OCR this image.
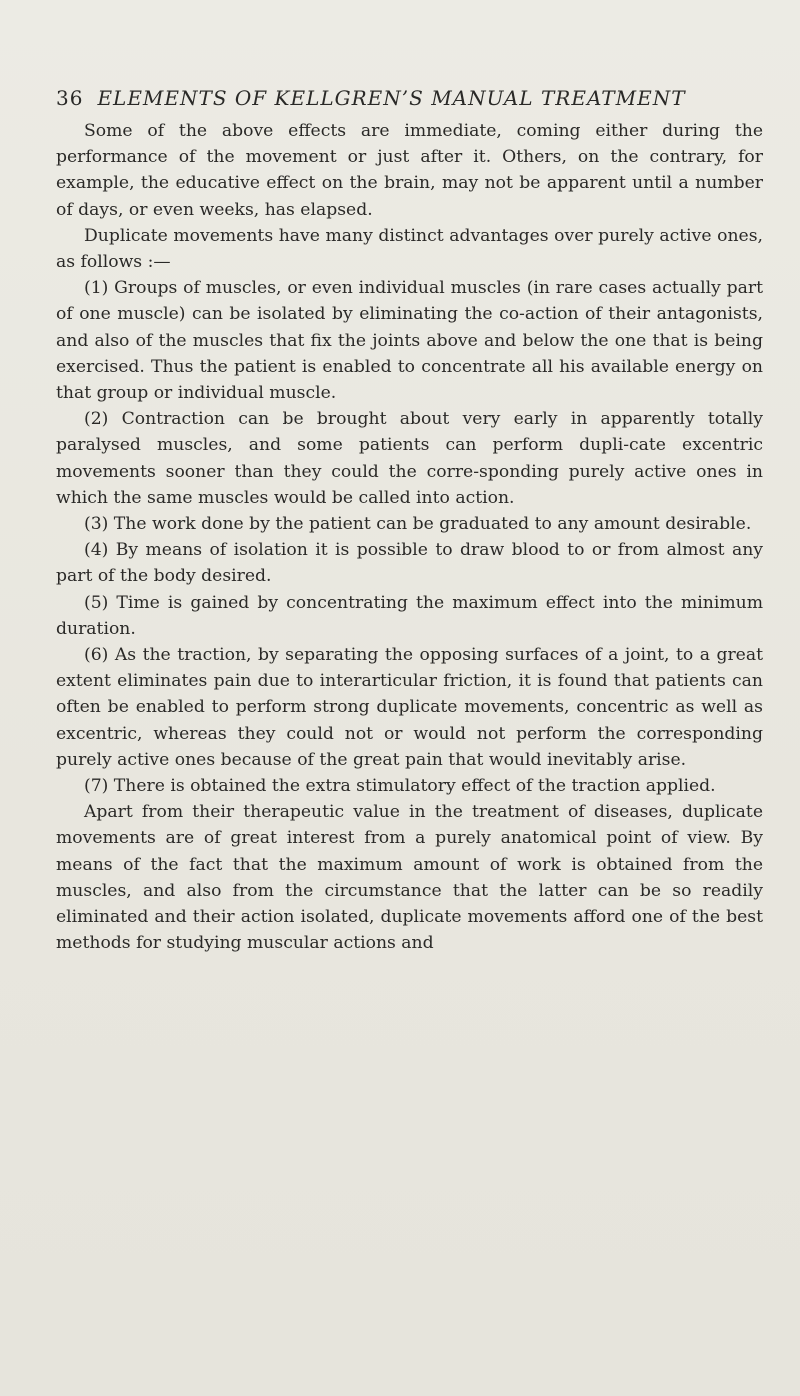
36 ELEMENTS OF KELLGREN’S MANUAL TREATMENT

Some of the above effects are immediate, coming either during the performance of the movement or just after it. Others, on the contrary, for example, the educative effect on the brain, may not be apparent until a number of days, or even weeks, has elapsed.

Duplicate movements have many distinct advantages over purely active ones, as follows :—

(1) Groups of muscles, or even individual muscles (in rare cases actually part of one muscle) can be isolated by eliminating the co-action of their antagonists, and also of the muscles that fix the joints above and below the one that is being exercised. Thus the patient is enabled to concentrate all his available energy on that group or individual muscle.

(2) Contraction can be brought about very early in apparently totally paralysed muscles, and some patients can perform dupli-cate excentric movements sooner than they could the corre-sponding purely active ones in which the same muscles would be called into action.

(3) The work done by the patient can be graduated to any amount desirable.

(4) By means of isolation it is possible to draw blood to or from almost any part of the body desired.

(5) Time is gained by concentrating the maximum effect into the minimum duration.

(6) As the traction, by separating the opposing surfaces of a joint, to a great extent eliminates pain due to interarticular friction, it is found that patients can often be enabled to perform strong duplicate movements, concentric as well as excentric, whereas they could not or would not perform the corresponding purely active ones because of the great pain that would inevitably arise.

(7) There is obtained the extra stimulatory effect of the traction applied.

Apart from their therapeutic value in the treatment of diseases, duplicate movements are of great interest from a purely anatomical point of view. By means of the fact that the maximum amount of work is obtained from the muscles, and also from the circumstance that the latter can be so readily eliminated and their action isolated, duplicate movements afford one of the best methods for studying muscular actions and
